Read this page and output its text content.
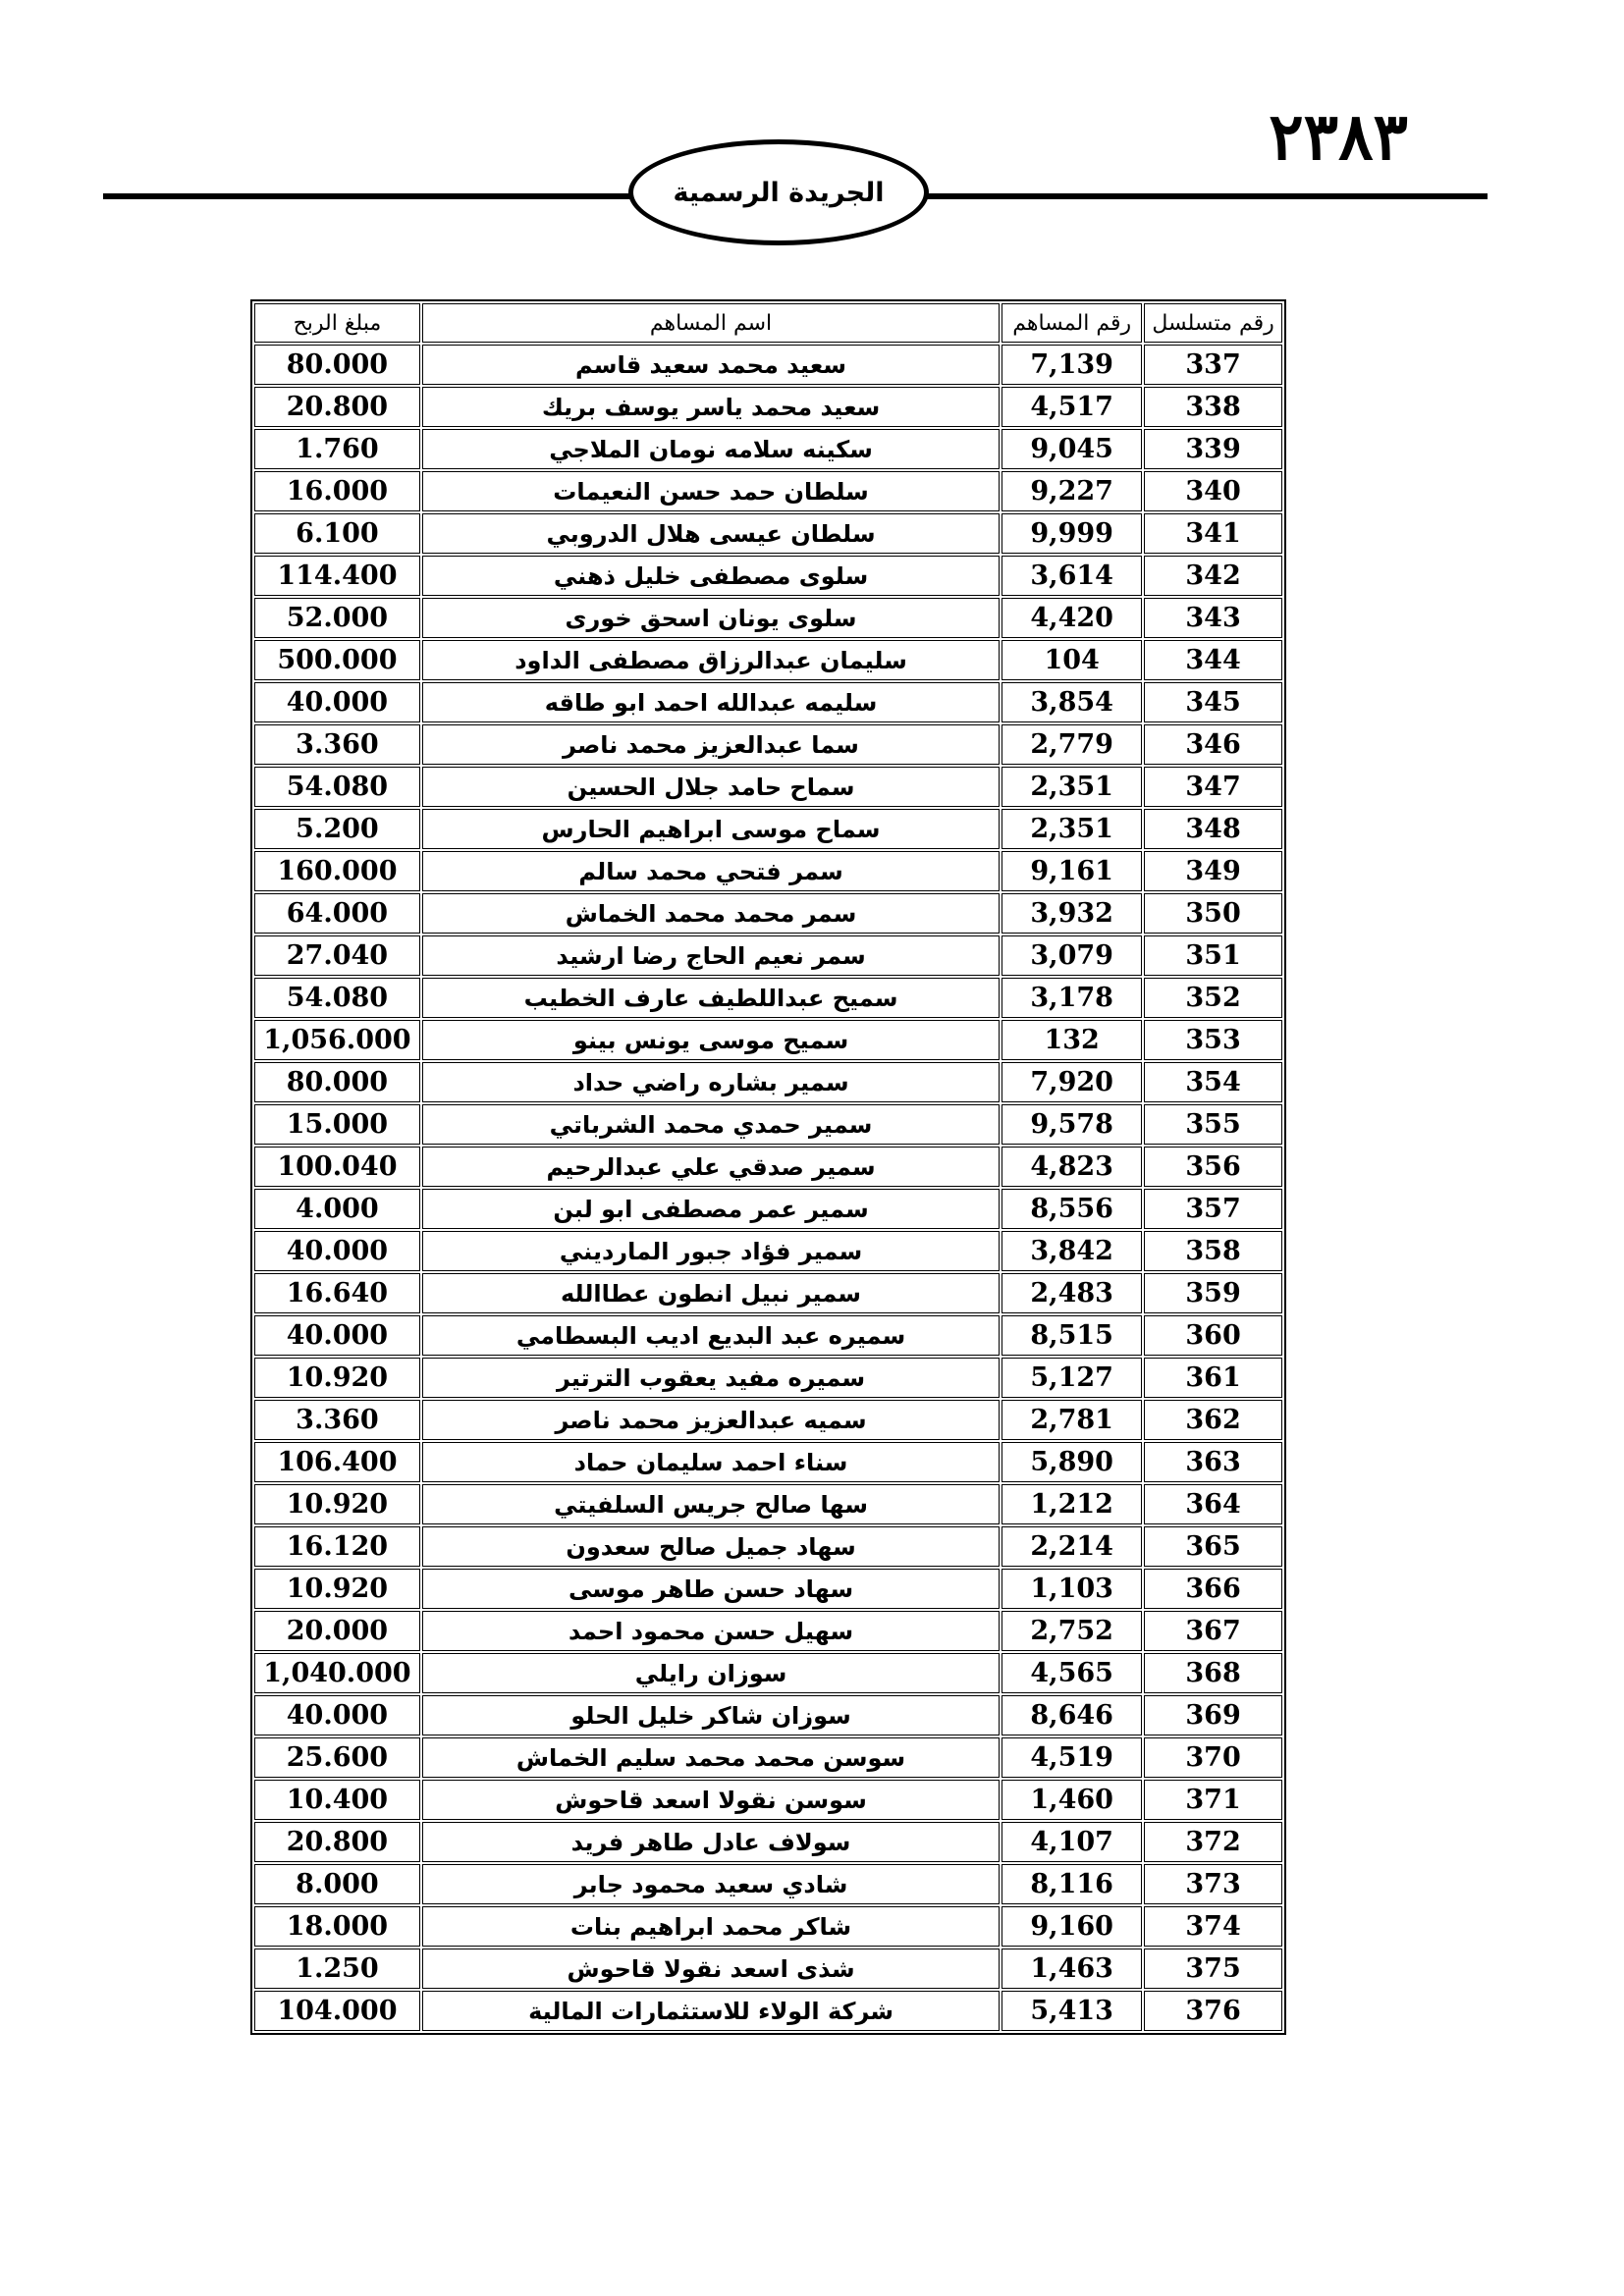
٢٣٨٣
الجريدة الرسمية
رقم متسلسل	رقم المساهم	اسم المساهم	مبلغ الربح
337	7,139	سعيد محمد سعيد قاسم	80.000
338	4,517	سعيد محمد ياسر يوسف بريك	20.800
339	9,045	سكينه سلامه نومان الملاجي	1.760
340	9,227	سلطان حمد حسن النعيمات	16.000
341	9,999	سلطان عيسى هلال الدروبي	6.100
342	3,614	سلوى مصطفى خليل ذهني	114.400
343	4,420	سلوى يونان اسحق خورى	52.000
344	104	سليمان عبدالرزاق مصطفى الداود	500.000
345	3,854	سليمه عبدالله احمد ابو طاقه	40.000
346	2,779	سما عبدالعزيز محمد ناصر	3.360
347	2,351	سماح حامد جلال الحسين	54.080
348	2,351	سماح موسى ابراهيم الحارس	5.200
349	9,161	سمر فتحي محمد سالم	160.000
350	3,932	سمر محمد محمد الخماش	64.000
351	3,079	سمر نعيم الحاج رضا ارشيد	27.040
352	3,178	سميح عبداللطيف عارف الخطيب	54.080
353	132	سميح موسى يونس بينو	1,056.000
354	7,920	سمير بشاره راضي حداد	80.000
355	9,578	سمير حمدي محمد الشرباتي	15.000
356	4,823	سمير صدقي علي عبدالرحيم	100.040
357	8,556	سمير عمر مصطفى ابو لبن	4.000
358	3,842	سمير فؤاد جبور المارديني	40.000
359	2,483	سمير نبيل انطون عطاالله	16.640
360	8,515	سميره عبد البديع اديب البسطامي	40.000
361	5,127	سميره مفيد يعقوب الترتير	10.920
362	2,781	سميه عبدالعزيز محمد ناصر	3.360
363	5,890	سناء احمد سليمان حماد	106.400
364	1,212	سها صالح جريس السلفيتي	10.920
365	2,214	سهاد جميل صالح سعدون	16.120
366	1,103	سهاد حسن طاهر موسى	10.920
367	2,752	سهيل حسن محمود احمد	20.000
368	4,565	سوزان رايلي	1,040.000
369	8,646	سوزان شاكر خليل الحلو	40.000
370	4,519	سوسن محمد محمد سليم الخماش	25.600
371	1,460	سوسن نقولا اسعد قاحوش	10.400
372	4,107	سولاف عادل طاهر فريد	20.800
373	8,116	شادي سعيد محمود جابر	8.000
374	9,160	شاكر محمد ابراهيم بنات	18.000
375	1,463	شذى اسعد نقولا قاحوش	1.250
376	5,413	شركة الولاء للاستثمارات المالية	104.000
